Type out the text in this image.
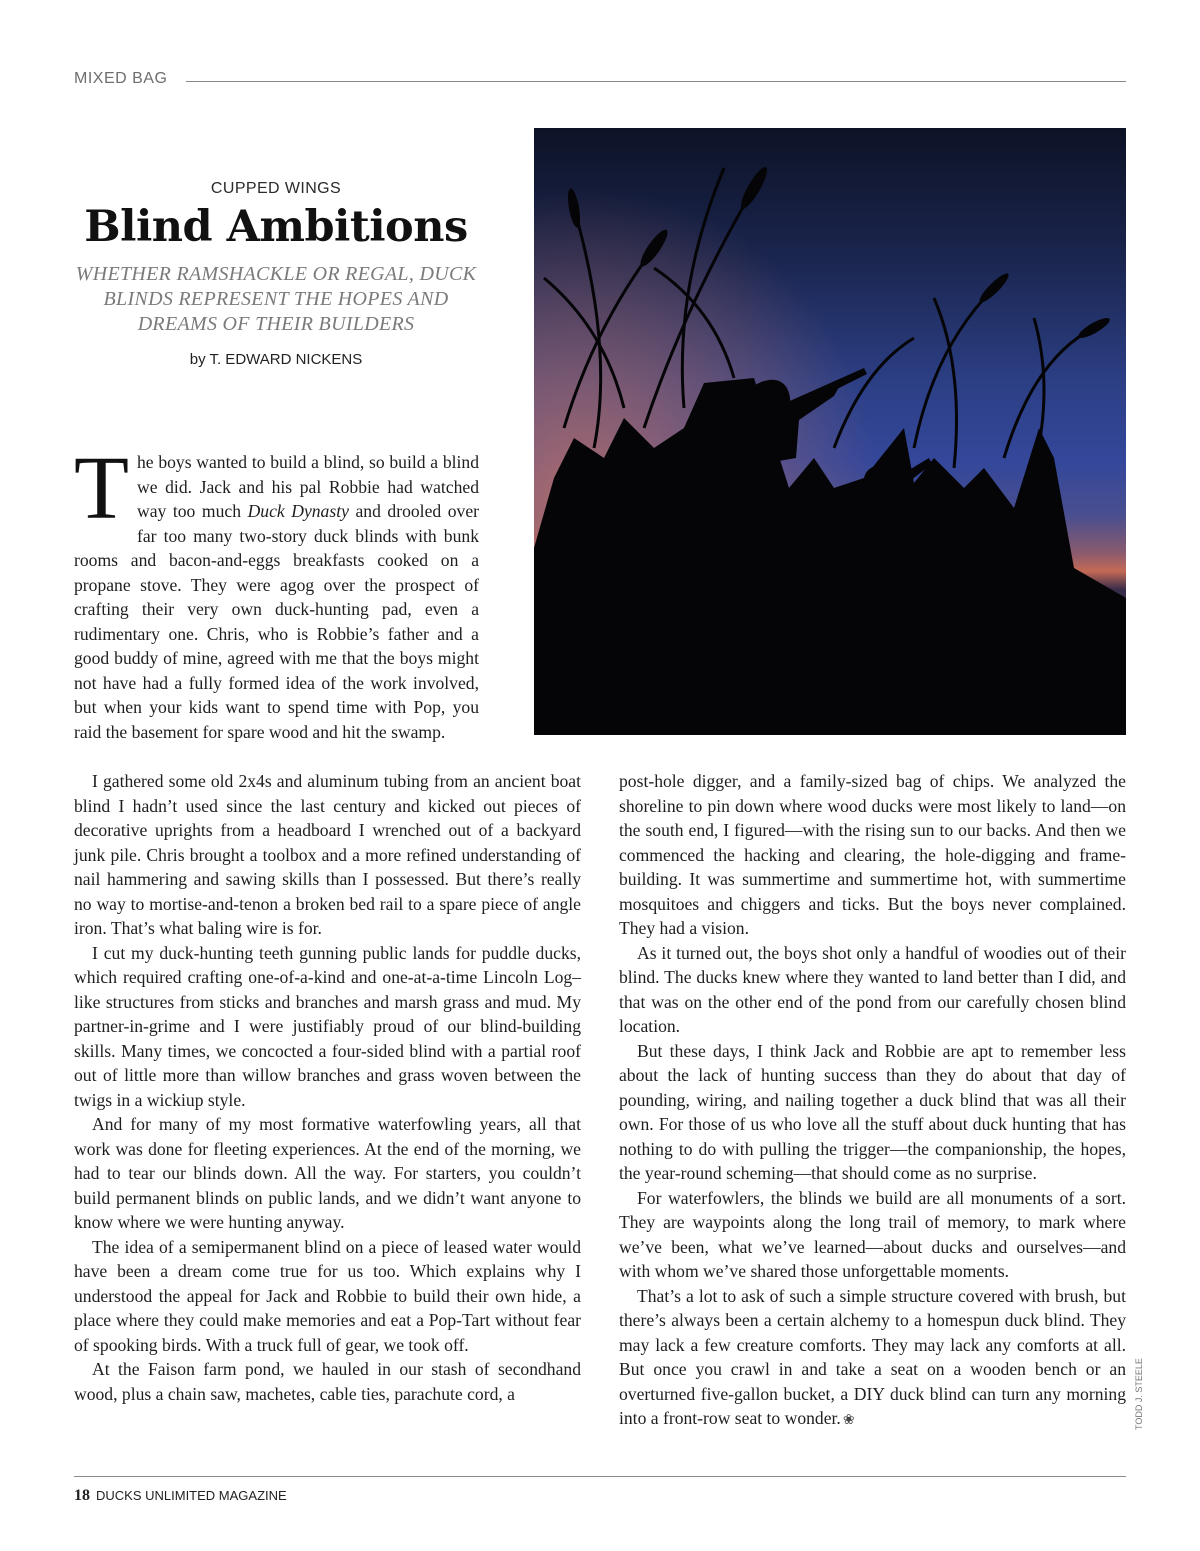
MIXED BAG
TODD J. STEELE
CUPPED WINGS
Blind Ambitions
WHETHER RAMSHACKLE OR REGAL, DUCK BLINDS REPRESENT THE HOPES AND DREAMS OF THEIR BUILDERS
by T. EDWARD NICKENS

The boys wanted to build a blind, so build a blind we did. Jack and his pal Robbie had watched way too much Duck Dynasty and drooled over far too many two-story duck blinds with bunk rooms and bacon-and-eggs breakfasts cooked on a propane stove. They were agog over the prospect of crafting their very own duck-hunting pad, even a rudimentary one. Chris, who is Robbie’s father and a good buddy of mine, agreed with me that the boys might not have had a fully formed idea of the work involved, but when your kids want to spend time with Pop, you raid the basement for spare wood and hit the swamp.

I gathered some old 2x4s and aluminum tubing from an ancient boat blind I hadn’t used since the last century and kicked out pieces of decorative uprights from a headboard I wrenched out of a backyard junk pile. Chris brought a toolbox and a more refined understanding of nail hammering and sawing skills than I possessed. But there’s really no way to mortise-and-tenon a broken bed rail to a spare piece of angle iron. That’s what baling wire is for.

I cut my duck-hunting teeth gunning public lands for puddle ducks, which required crafting one-of-a-kind and one-at-a-time Lincoln Log–like structures from sticks and branches and marsh grass and mud. My partner-in-grime and I were justifiably proud of our blind-building skills. Many times, we concocted a four-sided blind with a partial roof out of little more than willow branches and grass woven between the twigs in a wickiup style.

And for many of my most formative waterfowling years, all that work was done for fleeting experiences. At the end of the morning, we had to tear our blinds down. All the way. For starters, you couldn’t build permanent blinds on public lands, and we didn’t want anyone to know where we were hunting anyway.

The idea of a semipermanent blind on a piece of leased water would have been a dream come true for us too. Which explains why I understood the appeal for Jack and Robbie to build their own hide, a place where they could make memories and eat a Pop-Tart without fear of spooking birds. With a truck full of gear, we took off.

At the Faison farm pond, we hauled in our stash of secondhand wood, plus a chain saw, machetes, cable ties, parachute cord, a

post-hole digger, and a family-sized bag of chips. We analyzed the shoreline to pin down where wood ducks were most likely to land—on the south end, I figured—with the rising sun to our backs. And then we commenced the hacking and clearing, the hole-digging and frame-building. It was summertime and summertime hot, with summertime mosquitoes and chiggers and ticks. But the boys never complained. They had a vision.

As it turned out, the boys shot only a handful of woodies out of their blind. The ducks knew where they wanted to land better than I did, and that was on the other end of the pond from our carefully chosen blind location.

But these days, I think Jack and Robbie are apt to remember less about the lack of hunting success than they do about that day of pounding, wiring, and nailing together a duck blind that was all their own. For those of us who love all the stuff about duck hunting that has nothing to do with pulling the trigger—the companionship, the hopes, the year-round scheming—that should come as no surprise.

For waterfowlers, the blinds we build are all monuments of a sort. They are waypoints along the long trail of memory, to mark where we’ve been, what we’ve learned—about ducks and ourselves—and with whom we’ve shared those unforgettable moments.

That’s a lot to ask of such a simple structure covered with brush, but there’s always been a certain alchemy to a homespun duck blind. They may lack a few creature comforts. They may lack any comforts at all. But once you crawl in and take a seat on a wooden bench or an overturned five-gallon bucket, a DIY duck blind can turn any morning into a front-row seat to wonder. ❀

18 DUCKS UNLIMITED MAGAZINE
